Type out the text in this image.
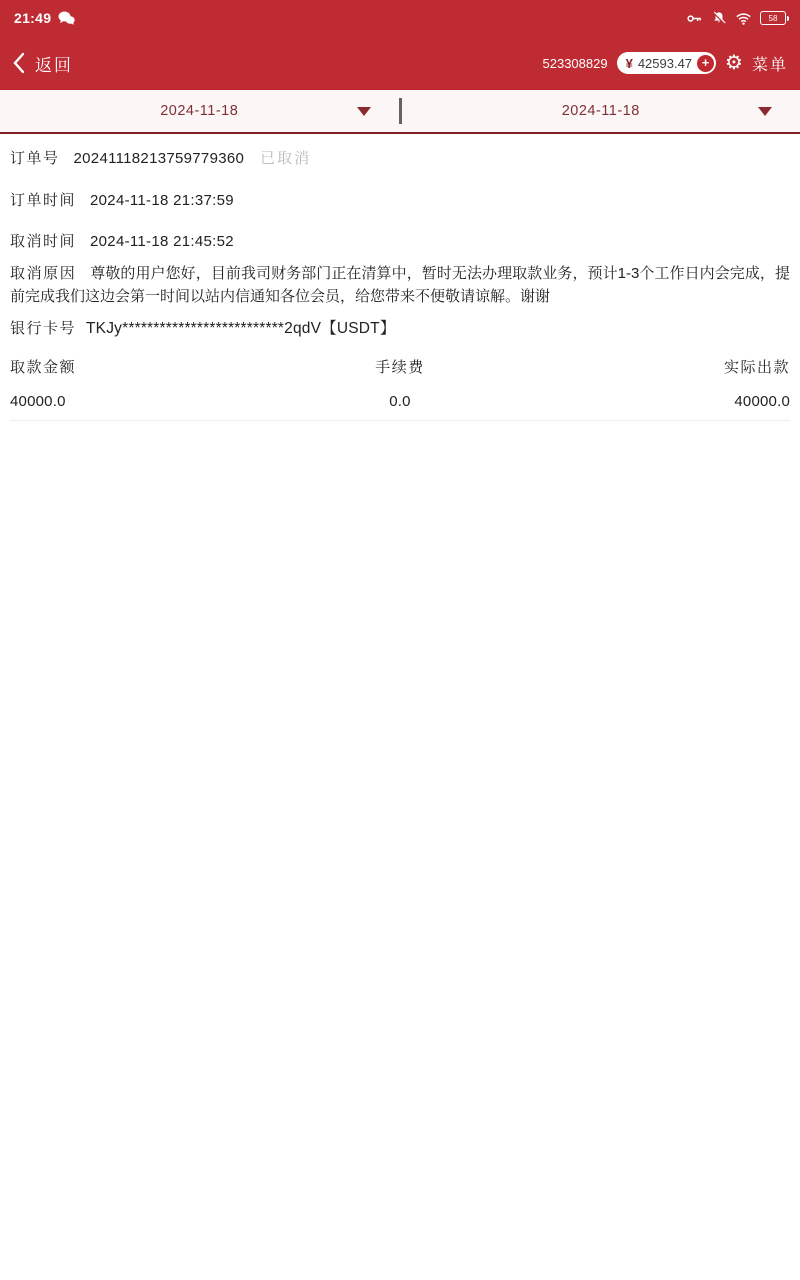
21:49	58
返回	523308829 ¥ 42593.47 + ⚙ 菜单
2024-11-18	2024-11-18
订单号 20241118213759779360 已取消
订单时间 2024-11-18 21:37:59
取消时间 2024-11-18 21:45:52
取消原因 尊敬的用户您好，目前我司财务部门正在清算中，暂时无法办理取款业务，预计1-3个工作日内会完成，提前完成我们这边会第一时间以站内信通知各位会员，给您带来不便敬请谅解。谢谢
银行卡号 TKJy**************************2qdV【USDT】
取款金额	手续费	实际出款
40000.0	0.0	40000.0
